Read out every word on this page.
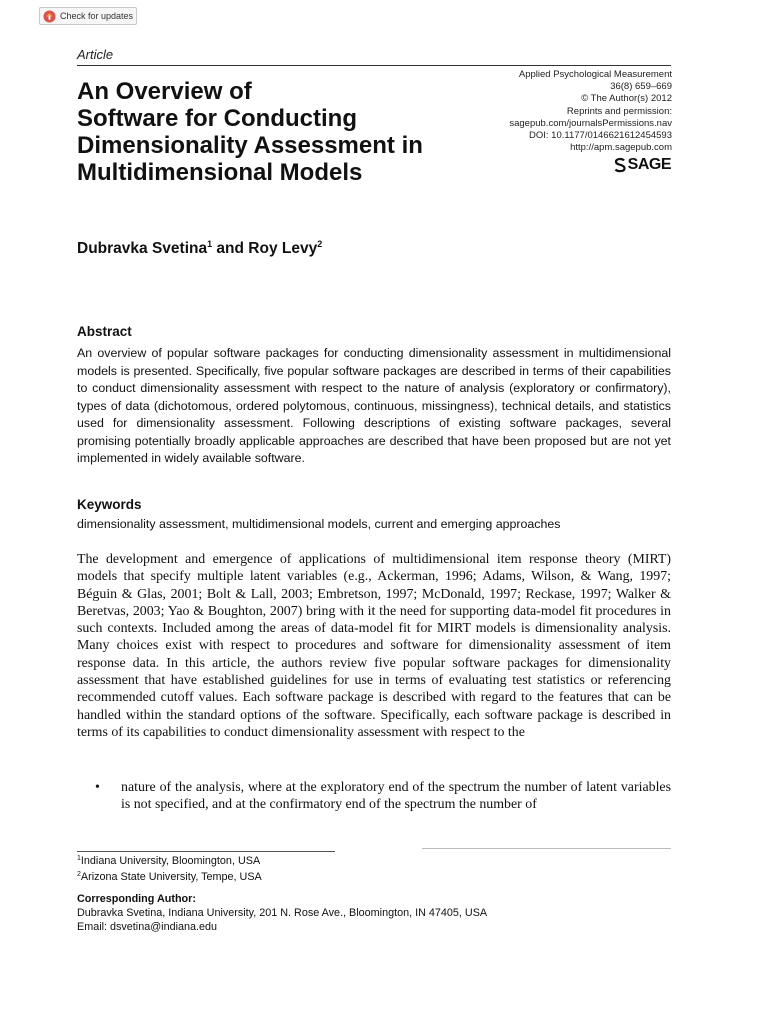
Check for updates
Article
An Overview of
Software for Conducting
Dimensionality Assessment in
Multidimensional Models
Applied Psychological Measurement
36(8) 659–669
© The Author(s) 2012
Reprints and permission:
sagepub.com/journalsPermissions.nav
DOI: 10.1177/0146621612454593
http://apm.sagepub.com
SAGE
Dubravka Svetina$^1$ and Roy Levy$^2$
Abstract

An overview of popular software packages for conducting dimensionality assessment in multidimensional models is presented. Specifically, five popular software packages are described in terms of their capabilities to conduct dimensionality assessment with respect to the nature of analysis (exploratory or confirmatory), types of data (dichotomous, ordered polytomous, continuous, missingness), technical details, and statistics used for dimensionality assessment. Following descriptions of existing software packages, several promising potentially broadly applicable approaches are described that have been proposed but are not yet implemented in widely available software.

Keywords

dimensionality assessment, multidimensional models, current and emerging approaches

The development and emergence of applications of multidimensional item response theory (MIRT) models that specify multiple latent variables (e.g., Ackerman, 1996; Adams, Wilson, & Wang, 1997; Béguin & Glas, 2001; Bolt & Lall, 2003; Embretson, 1997; McDonald, 1997; Reckase, 1997; Walker & Beretvas, 2003; Yao & Boughton, 2007) bring with it the need for supporting data-model fit procedures in such contexts. Included among the areas of data-model fit for MIRT models is dimensionality analysis. Many choices exist with respect to procedures and software for dimensionality assessment of item response data. In this article, the authors review five popular software packages for dimensionality assessment that have established guidelines for use in terms of evaluating test statistics or referencing recommended cutoff values. Each software package is described with regard to the features that can be handled within the standard options of the software. Specifically, each software package is described in terms of its capabilities to conduct dimensionality assessment with respect to the

•	nature of the analysis, where at the exploratory end of the spectrum the number of latent variables is not specified, and at the confirmatory end of the spectrum the number of
$^1$Indiana University, Bloomington, USA
$^2$Arizona State University, Tempe, USA
Corresponding Author:
Dubravka Svetina, Indiana University, 201 N. Rose Ave., Bloomington, IN 47405, USA
Email: dsvetina@indiana.edu
